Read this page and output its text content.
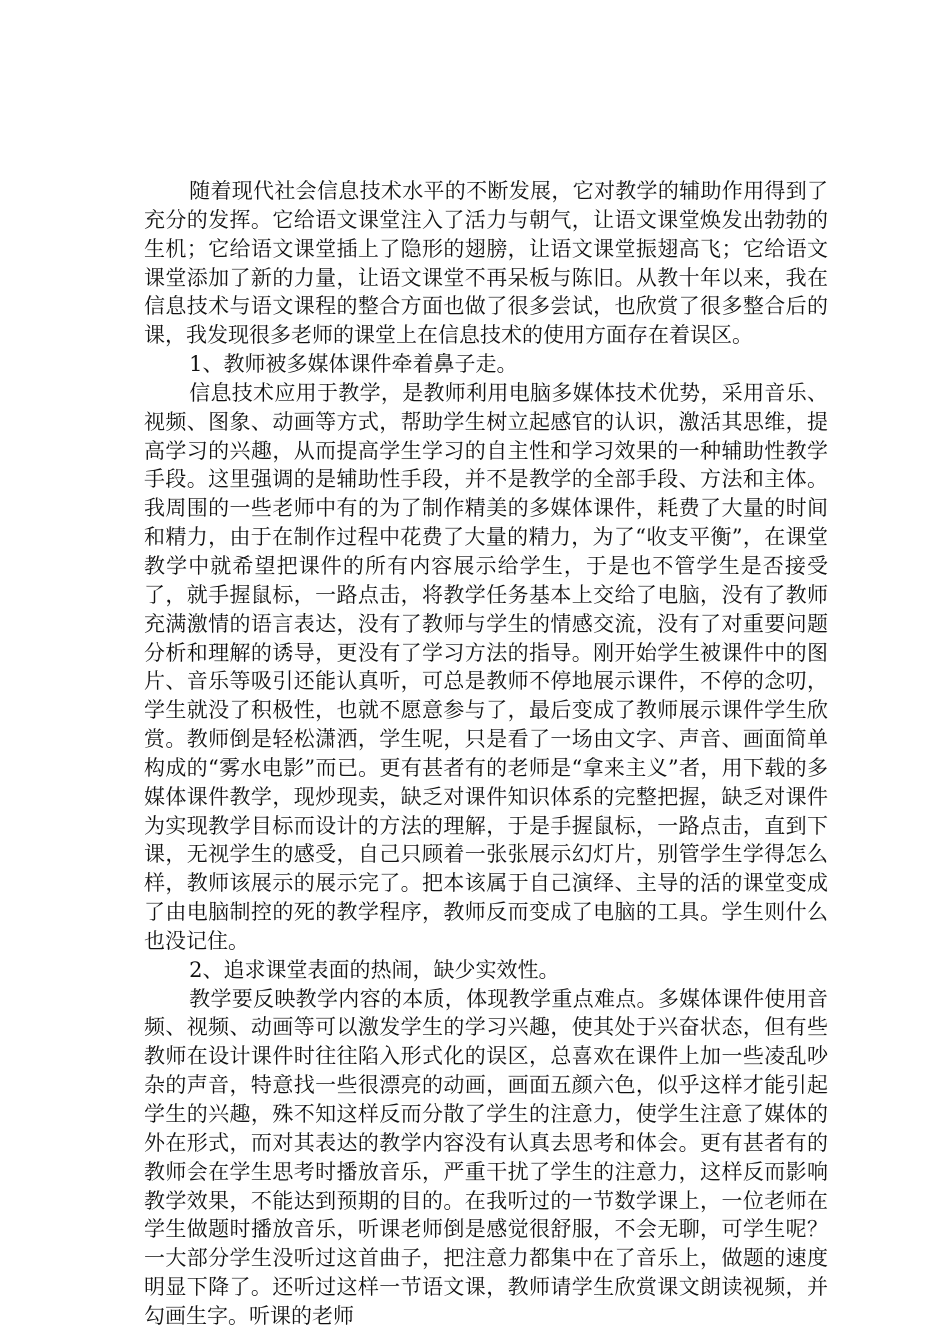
随着现代社会信息技术水平的不断发展，它对教学的辅助作用得到了充分的发挥。它给语文课堂注入了活力与朝气，让语文课堂焕发出勃勃的生机；它给语文课堂插上了隐形的翅膀，让语文课堂振翅高飞；它给语文课堂添加了新的力量，让语文课堂不再呆板与陈旧。从教十年以来，我在信息技术与语文课程的整合方面也做了很多尝试，也欣赏了很多整合后的课，我发现很多老师的课堂上在信息技术的使用方面存在着误区。

1、教师被多媒体课件牵着鼻子走。

信息技术应用于教学，是教师利用电脑多媒体技术优势，采用音乐、视频、图象、动画等方式，帮助学生树立起感官的认识，激活其思维，提高学习的兴趣，从而提高学生学习的自主性和学习效果的一种辅助性教学手段。这里强调的是辅助性手段，并不是教学的全部手段、方法和主体。我周围的一些老师中有的为了制作精美的多媒体课件，耗费了大量的时间和精力，由于在制作过程中花费了大量的精力，为了“收支平衡”，在课堂教学中就希望把课件的所有内容展示给学生，于是也不管学生是否接受了，就手握鼠标，一路点击，将教学任务基本上交给了电脑，没有了教师充满激情的语言表达，没有了教师与学生的情感交流，没有了对重要问题分析和理解的诱导，更没有了学习方法的指导。刚开始学生被课件中的图片、音乐等吸引还能认真听，可总是教师不停地展示课件，不停的念叨，学生就没了积极性，也就不愿意参与了，最后变成了教师展示课件学生欣赏。教师倒是轻松潇洒，学生呢，只是看了一场由文字、声音、画面简单构成的“雾水电影”而已。更有甚者有的老师是“拿来主义”者，用下载的多媒体课件教学，现炒现卖，缺乏对课件知识体系的完整把握，缺乏对课件为实现教学目标而设计的方法的理解，于是手握鼠标，一路点击，直到下课，无视学生的感受，自己只顾着一张张展示幻灯片，别管学生学得怎么样，教师该展示的展示完了。把本该属于自己演绎、主导的活的课堂变成了由电脑制控的死的教学程序，教师反而变成了电脑的工具。学生则什么也没记住。

2、追求课堂表面的热闹，缺少实效性。

教学要反映教学内容的本质，体现教学重点难点。多媒体课件使用音频、视频、动画等可以激发学生的学习兴趣，使其处于兴奋状态，但有些教师在设计课件时往往陷入形式化的误区，总喜欢在课件上加一些凌乱吵杂的声音，特意找一些很漂亮的动画，画面五颜六色，似乎这样才能引起学生的兴趣，殊不知这样反而分散了学生的注意力，使学生注意了媒体的外在形式，而对其表达的教学内容没有认真去思考和体会。更有甚者有的教师会在学生思考时播放音乐，严重干扰了学生的注意力，这样反而影响教学效果，不能达到预期的目的。在我听过的一节数学课上，一位老师在学生做题时播放音乐，听课老师倒是感觉很舒服，不会无聊，可学生呢？一大部分学生没听过这首曲子，把注意力都集中在了音乐上，做题的速度明显下降了。还听过这样一节语文课，教师请学生欣赏课文朗读视频，并勾画生字。听课的老师
